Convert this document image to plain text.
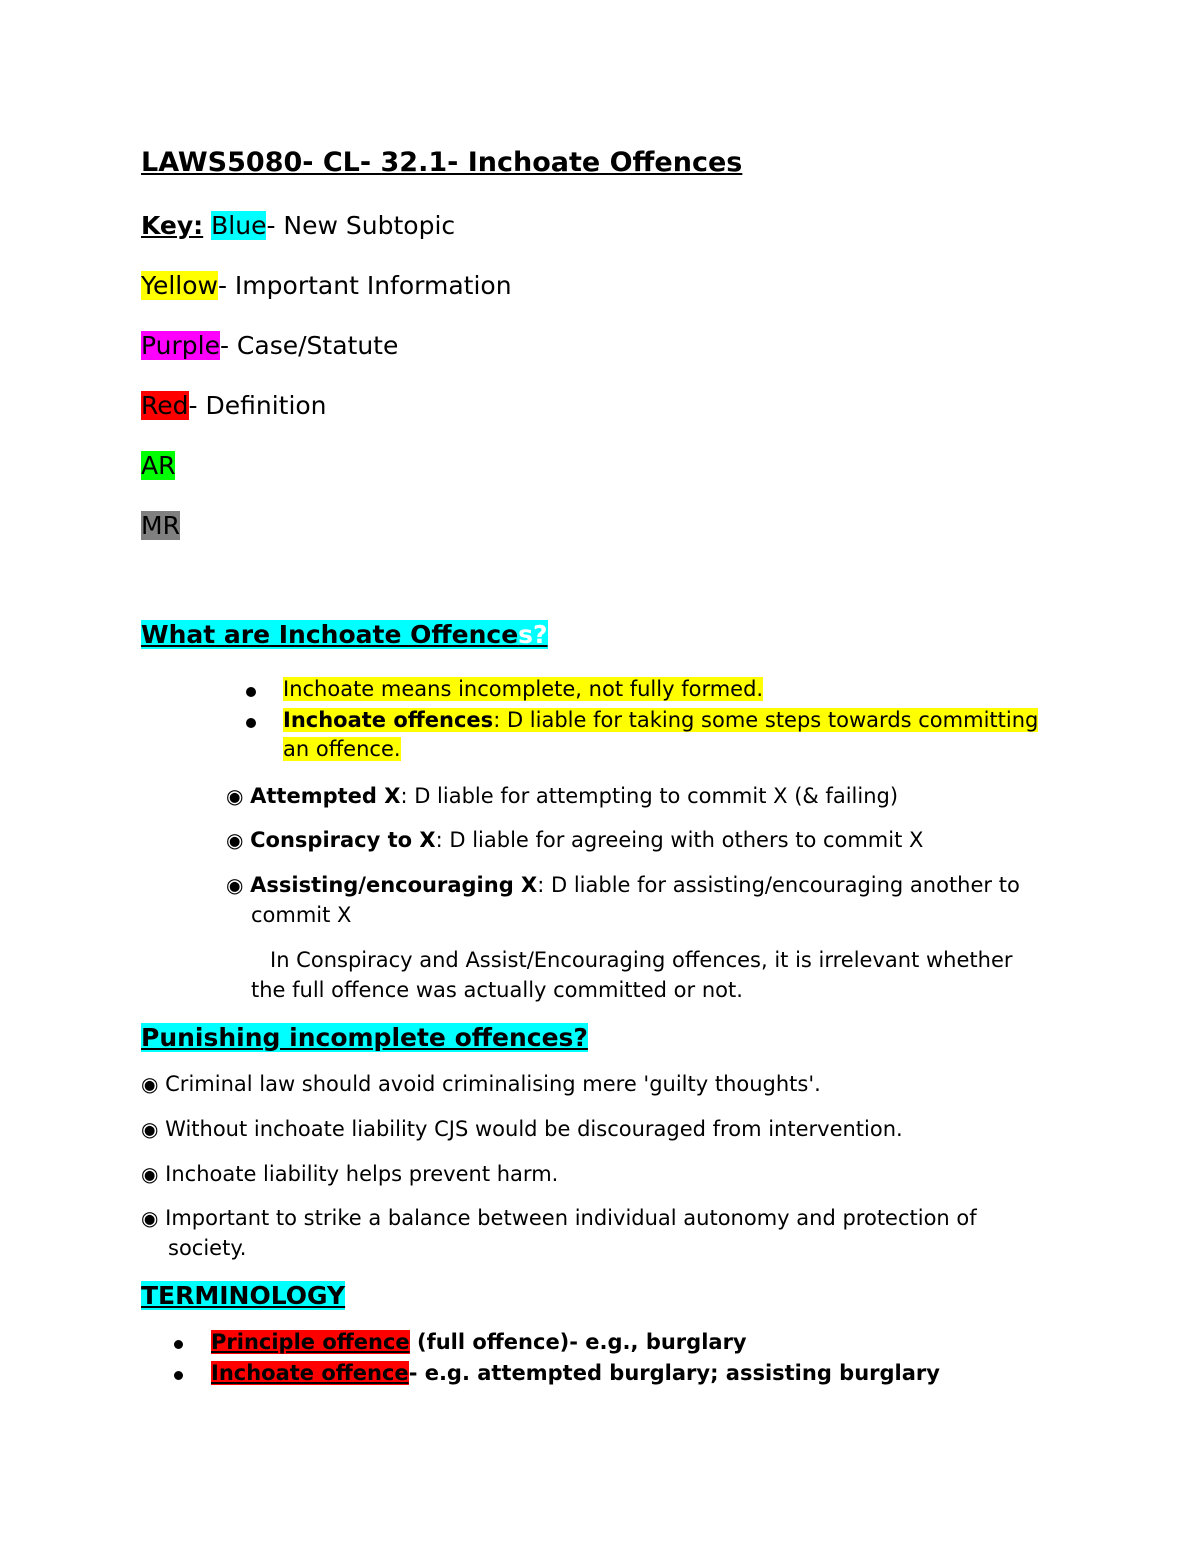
LAWS5080- CL- 32.1- Inchoate Offences
Key: Blue- New Subtopic
Yellow- Important Information
Purple- Case/Statute
Red- Definition
AR
MR
What are Inchoate Offences?
Inchoate means incomplete, not fully formed.
Inchoate offences: D liable for taking some steps towards committing
an offence.
◉ Attempted X: D liable for attempting to commit X (& failing)
◉ Conspiracy to X: D liable for agreeing with others to commit X
◉ Assisting/encouraging X: D liable for assisting/encouraging another to
commit X
In Conspiracy and Assist/Encouraging offences, it is irrelevant whether
the full offence was actually committed or not.
Punishing incomplete offences?
◉ Criminal law should avoid criminalising mere 'guilty thoughts'.
◉ Without inchoate liability CJS would be discouraged from intervention.
◉ Inchoate liability helps prevent harm.
◉ Important to strike a balance between individual autonomy and protection of
society.
TERMINOLOGY
Principle offence (full offence)- e.g., burglary
Inchoate offence- e.g. attempted burglary; assisting burglary
